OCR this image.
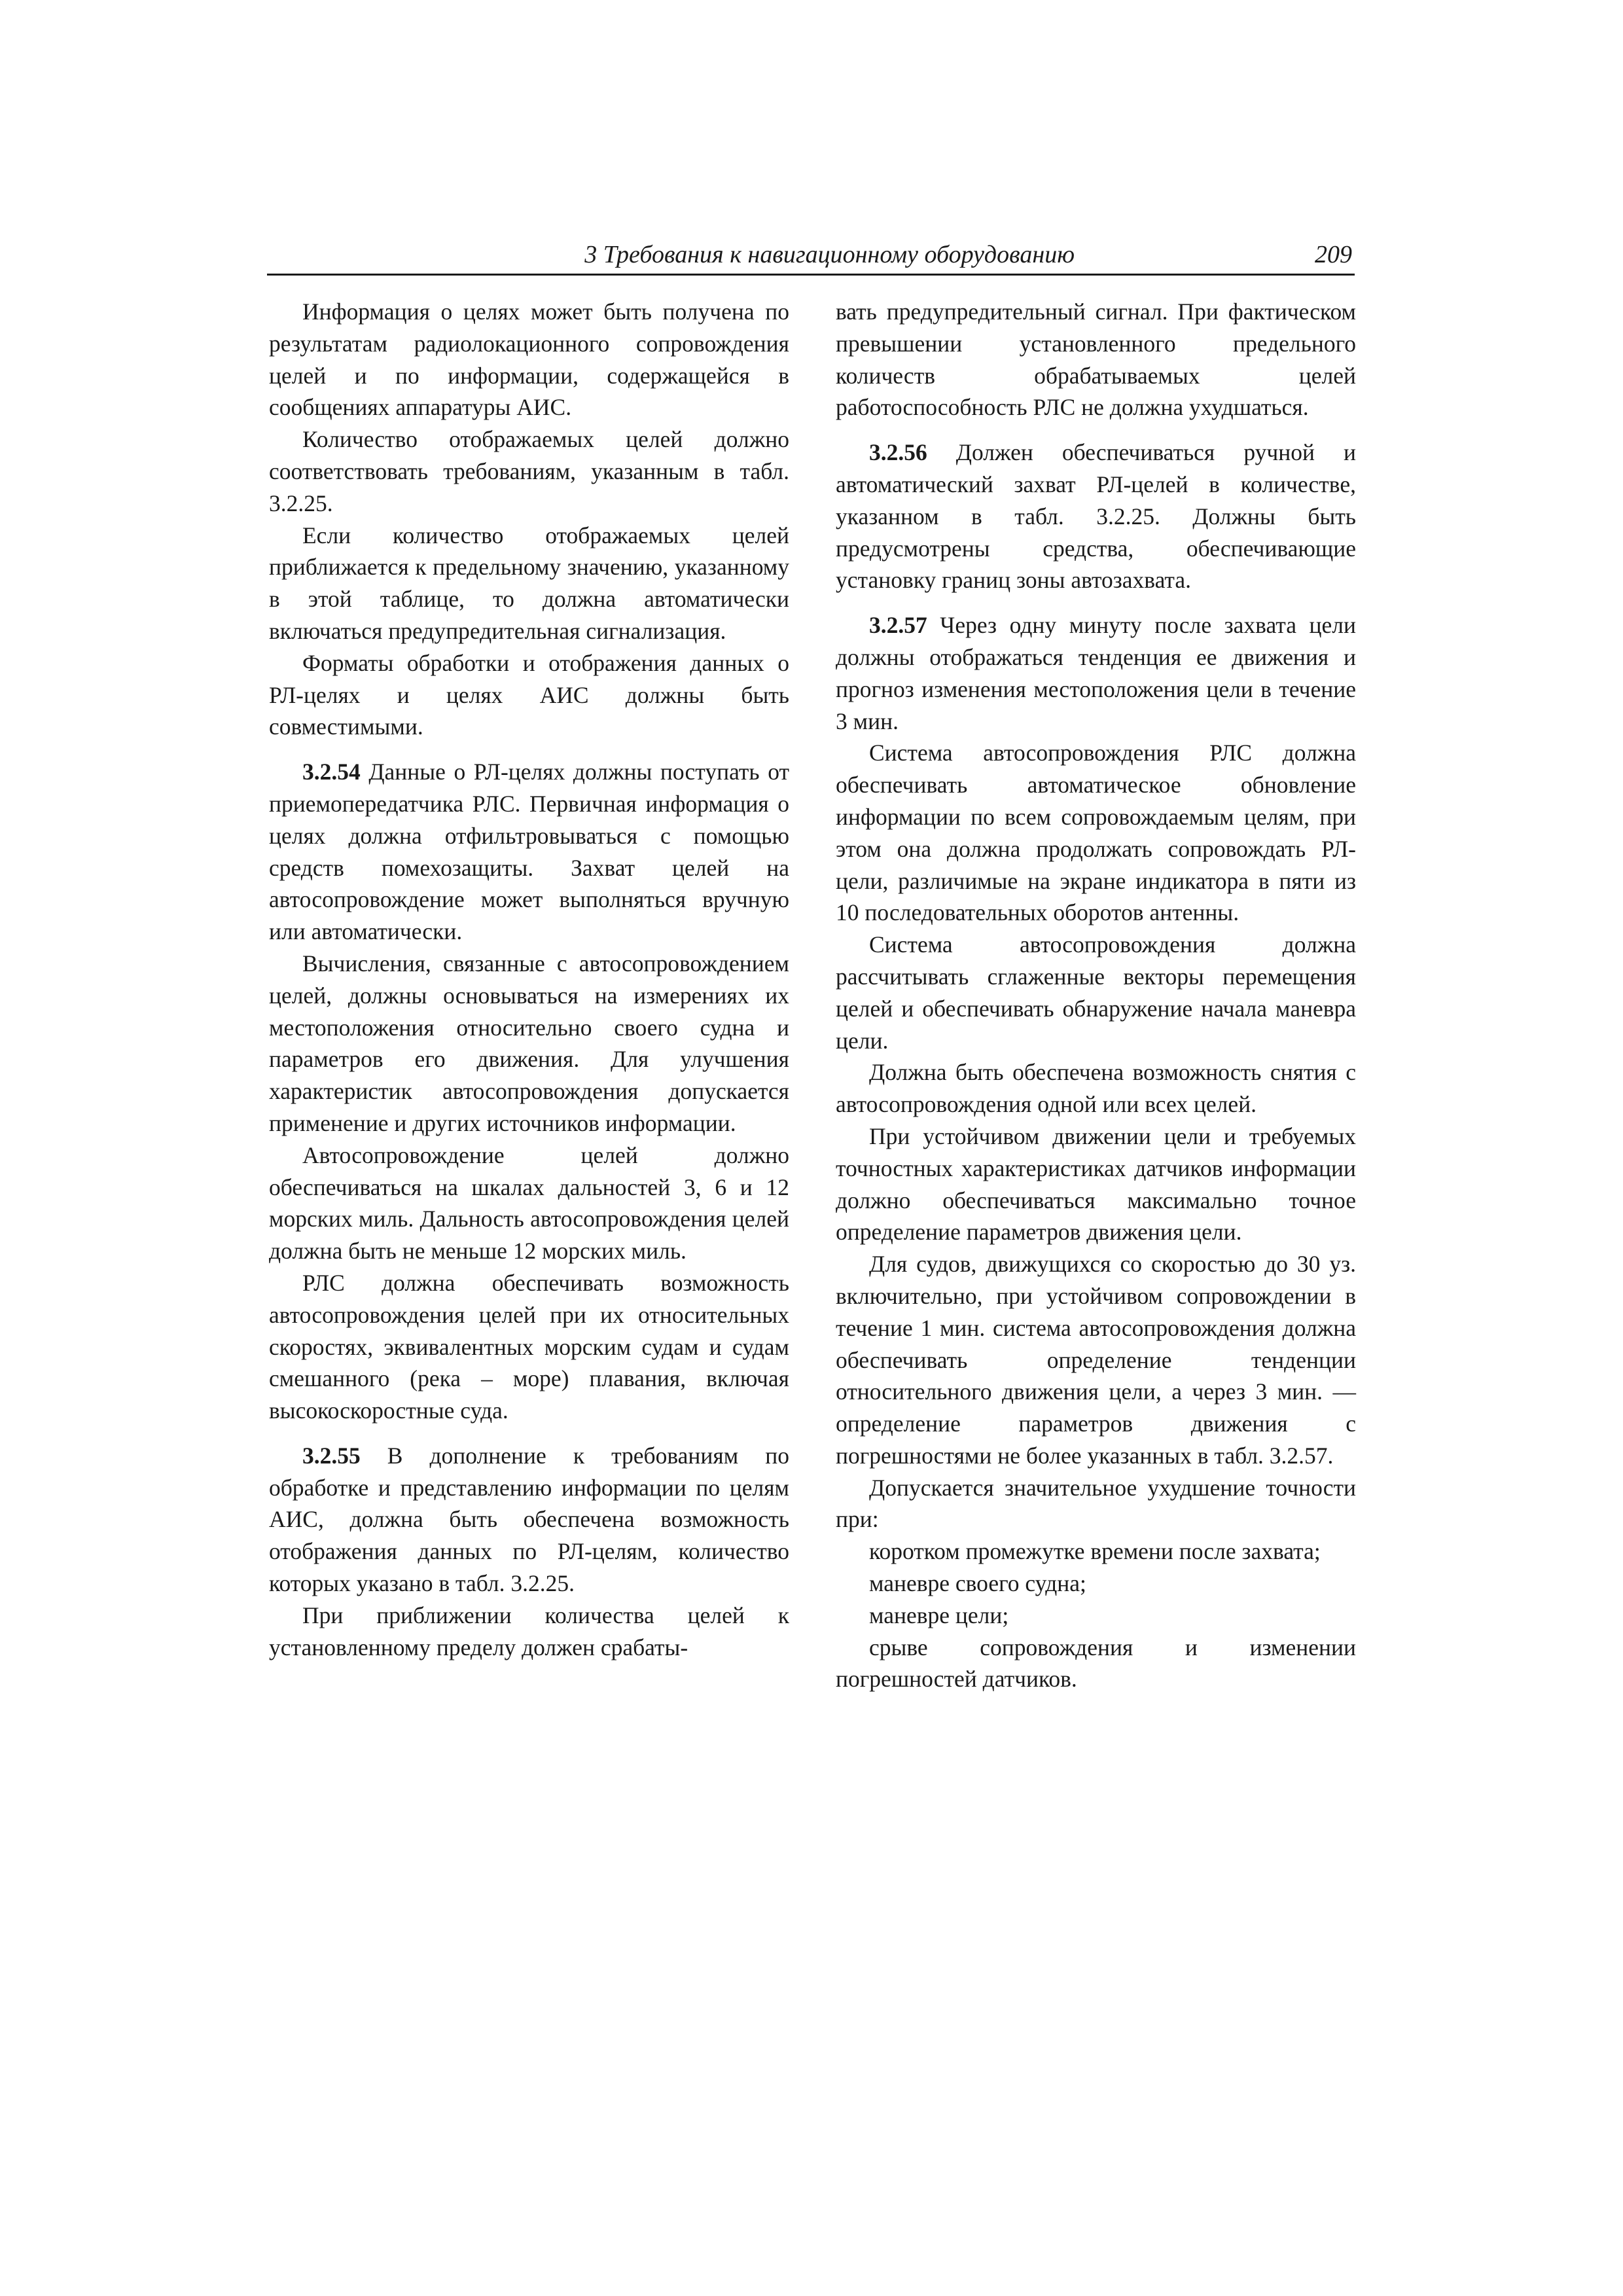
3 Требования к навигационному оборудованию	209

Информация о целях может быть получена по результатам радиолокационного сопровождения целей и по информации, содержащейся в сообщениях аппаратуры АИС.

Количество отображаемых целей должно соответствовать требованиям, указанным в табл. 3.2.25.

Если количество отображаемых целей приближается к предельному значению, указанному в этой таблице, то должна автоматически включаться предупредительная сигнализация.

Форматы обработки и отображения данных о РЛ-целях и целях АИС должны быть совместимыми.

3.2.54 Данные о РЛ-целях должны поступать от приемопередатчика РЛС. Первичная информация о целях должна отфильтровываться с помощью средств помехозащиты. Захват целей на автосопровождение может выполняться вручную или автоматически.

Вычисления, связанные с автосопровождением целей, должны основываться на измерениях их местоположения относительно своего судна и параметров его движения. Для улучшения характеристик автосопровождения допускается применение и других источников информации.

Автосопровождение целей должно обеспечиваться на шкалах дальностей 3, 6 и 12 морских миль. Дальность автосопровождения целей должна быть не меньше 12 морских миль.

РЛС должна обеспечивать возможность автосопровождения целей при их относительных скоростях, эквивалентных морским судам и судам смешанного (река – море) плавания, включая высокоскоростные суда.

3.2.55 В дополнение к требованиям по обработке и представлению информации по целям АИС, должна быть обеспечена возможность отображения данных по РЛ-целям, количество которых указано в табл. 3.2.25.

При приближении количества целей к установленному пределу должен срабаты-

вать предупредительный сигнал. При фактическом превышении установленного предельного количеств обрабатываемых целей работоспособность РЛС не должна ухудшаться.

3.2.56 Должен обеспечиваться ручной и автоматический захват РЛ-целей в количестве, указанном в табл. 3.2.25. Должны быть предусмотрены средства, обеспечивающие установку границ зоны автозахвата.

3.2.57 Через одну минуту после захвата цели должны отображаться тенденция ее движения и прогноз изменения местоположения цели в течение 3 мин.

Система автосопровождения РЛС должна обеспечивать автоматическое обновление информации по всем сопровождаемым целям, при этом она должна продолжать сопровождать РЛ-цели, различимые на экране индикатора в пяти из 10 последовательных оборотов антенны.

Система автосопровождения должна рассчитывать сглаженные векторы перемещения целей и обеспечивать обнаружение начала маневра цели.

Должна быть обеспечена возможность снятия с автосопровождения одной или всех целей.

При устойчивом движении цели и требуемых точностных характеристиках датчиков информации должно обеспечиваться максимально точное определение параметров движения цели.

Для судов, движущихся со скоростью до 30 уз. включительно, при устойчивом сопровождении в течение 1 мин. система автосопровождения должна обеспечивать определение тенденции относительного движения цели, а через 3 мин. — определение параметров движения с погрешностями не более указанных в табл. 3.2.57.

Допускается значительное ухудшение точности при:

коротком промежутке времени после захвата;

маневре своего судна;

маневре цели;

срыве сопровождения и изменении погрешностей датчиков.
